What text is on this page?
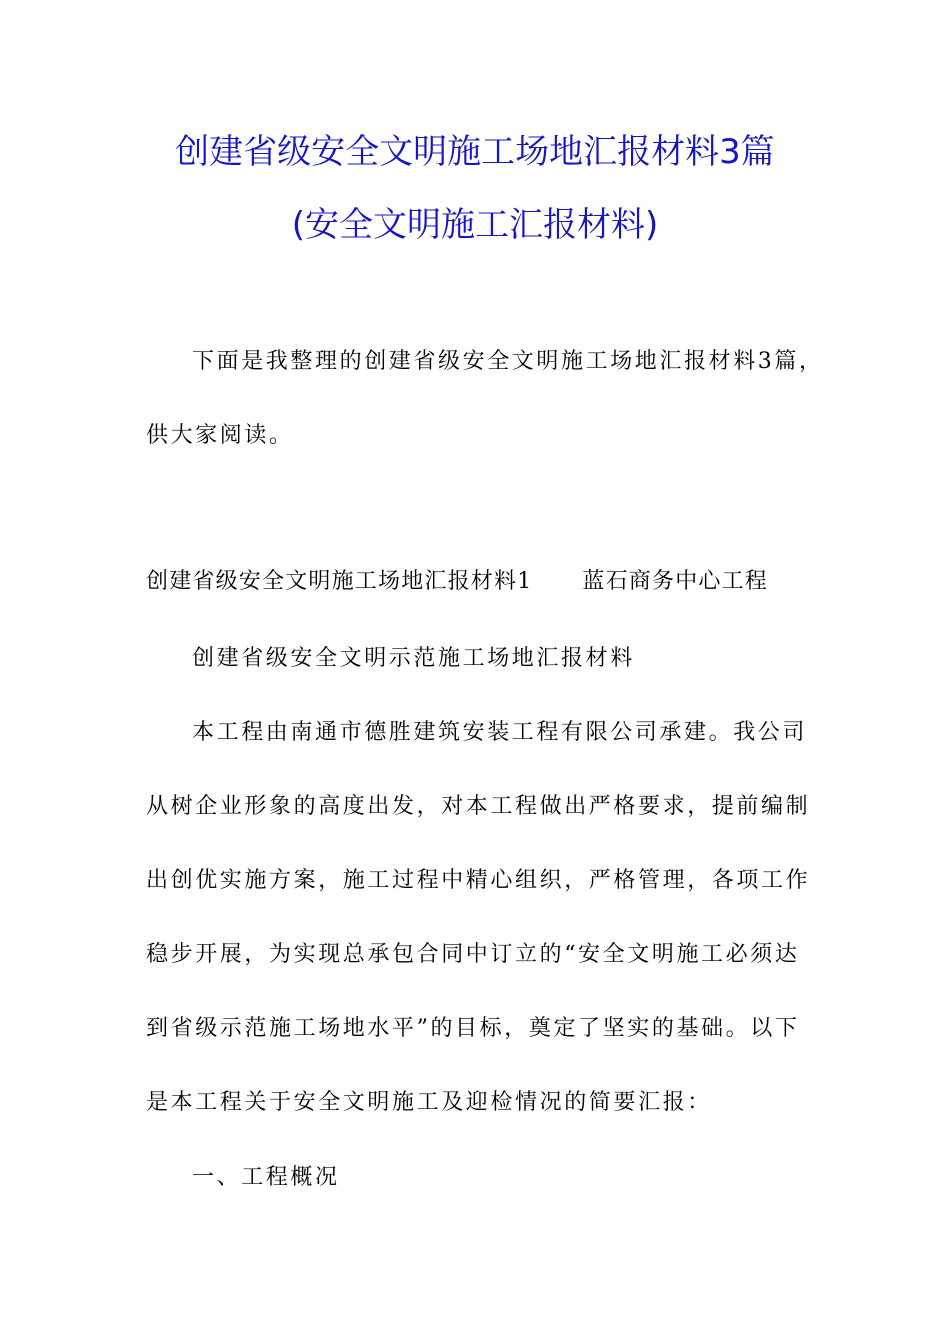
创建省级安全文明施工场地汇报材料3篇
(安全文明施工汇报材料)
下面是我整理的创建省级安全文明施工场地汇报材料3篇，
供大家阅读。
创建省级安全文明施工场地汇报材料1 蓝石商务中心工程
创建省级安全文明示范施工场地汇报材料
本工程由南通市德胜建筑安装工程有限公司承建。我公司
从树企业形象的高度出发，对本工程做出严格要求，提前编制
出创优实施方案，施工过程中精心组织，严格管理，各项工作
稳步开展，为实现总承包合同中订立的“安全文明施工必须达
到省级示范施工场地水平”的目标，奠定了坚实的基础。以下
是本工程关于安全文明施工及迎检情况的简要汇报：
一、工程概况
